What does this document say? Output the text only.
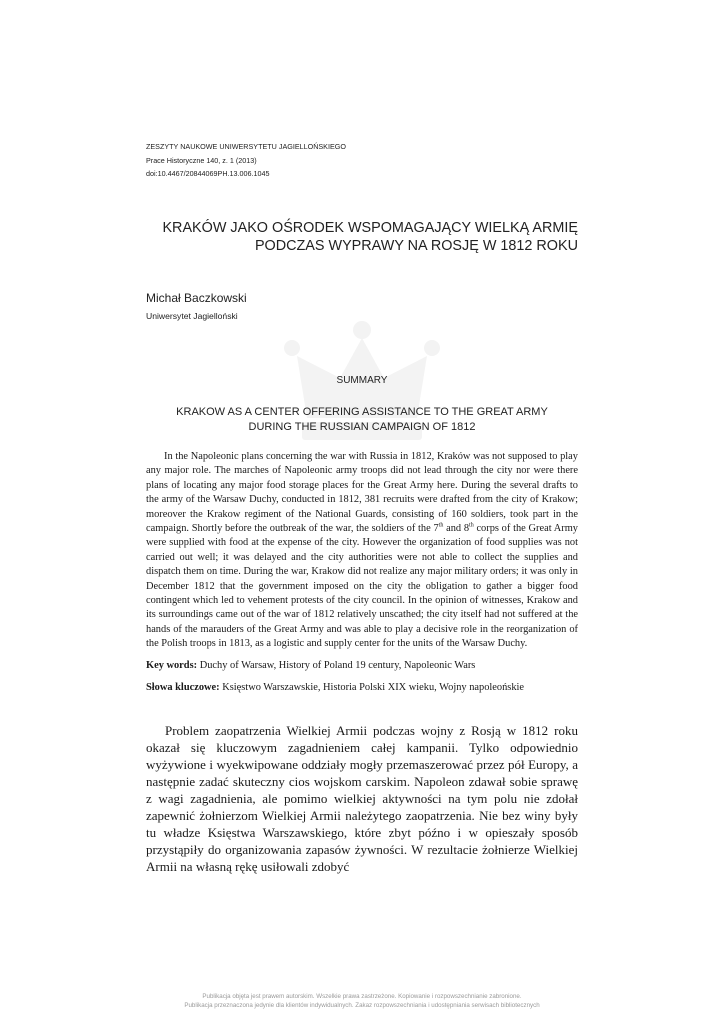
ZESZYTY NAUKOWE UNIWERSYTETU JAGIELLOŃSKIEGO
Prace Historyczne 140, z. 1 (2013)
doi:10.4467/20844069PH.13.006.1045
KRAKÓW JAKO OŚRODEK WSPOMAGAJĄCY WIELKĄ ARMIĘ
PODCZAS WYPRAWY NA ROSJĘ W 1812 ROKU
Michał Baczkowski
Uniwersytet Jagielloński
SUMMARY
KRAKOW AS A CENTER OFFERING ASSISTANCE TO THE GREAT ARMY
DURING THE RUSSIAN CAMPAIGN OF 1812

In the Napoleonic plans concerning the war with Russia in 1812, Kraków was not supposed to play any major role. The marches of Napoleonic army troops did not lead through the city nor were there plans of locating any major food storage places for the Great Army here. During the several drafts to the army of the Warsaw Duchy, conducted in 1812, 381 recruits were drafted from the city of Krakow; moreover the Krakow regiment of the National Guards, consisting of 160 soldiers, took part in the campaign. Shortly before the outbreak of the war, the soldiers of the 7th and 8th corps of the Great Army were supplied with food at the expense of the city. However the organization of food supplies was not carried out well; it was delayed and the city authorities were not able to collect the supplies and dispatch them on time. During the war, Krakow did not realize any major military orders; it was only in December 1812 that the government imposed on the city the obligation to gather a bigger food contingent which led to vehement protests of the city council. In the opinion of witnesses, Krakow and its surroundings came out of the war of 1812 relatively unscathed; the city itself had not suffered at the hands of the marauders of the Great Army and was able to play a decisive role in the reorganization of the Polish troops in 1813, as a logistic and supply center for the units of the Warsaw Duchy.

Key words: Duchy of Warsaw, History of Poland 19 century, Napoleonic Wars
Słowa kluczowe: Księstwo Warszawskie, Historia Polski XIX wieku, Wojny napoleońskie

Problem zaopatrzenia Wielkiej Armii podczas wojny z Rosją w 1812 roku okazał się kluczowym zagadnieniem całej kampanii. Tylko odpowiednio wyżywione i wyekwipowane oddziały mogły przemaszerować przez pół Europy, a następnie zadać skuteczny cios wojskom carskim. Napoleon zdawał sobie sprawę z wagi zagadnienia, ale pomimo wielkiej aktywności na tym polu nie zdołał zapewnić żołnierzom Wielkiej Armii należytego zaopatrzenia. Nie bez winy były tu władze Księstwa Warszawskiego, które zbyt późno i w opieszały sposób przystąpiły do organizowania zapasów żywności. W rezultacie żołnierze Wielkiej Armii na własną rękę usiłowali zdobyć

Publikacja objęta jest prawem autorskim. Wszelkie prawa zastrzeżone. Kopiowanie i rozpowszechnianie zabronione.
Publikacja przeznaczona jedynie dla klientów indywidualnych. Zakaz rozpowszechniania i udostępniania serwisach bibliotecznych
